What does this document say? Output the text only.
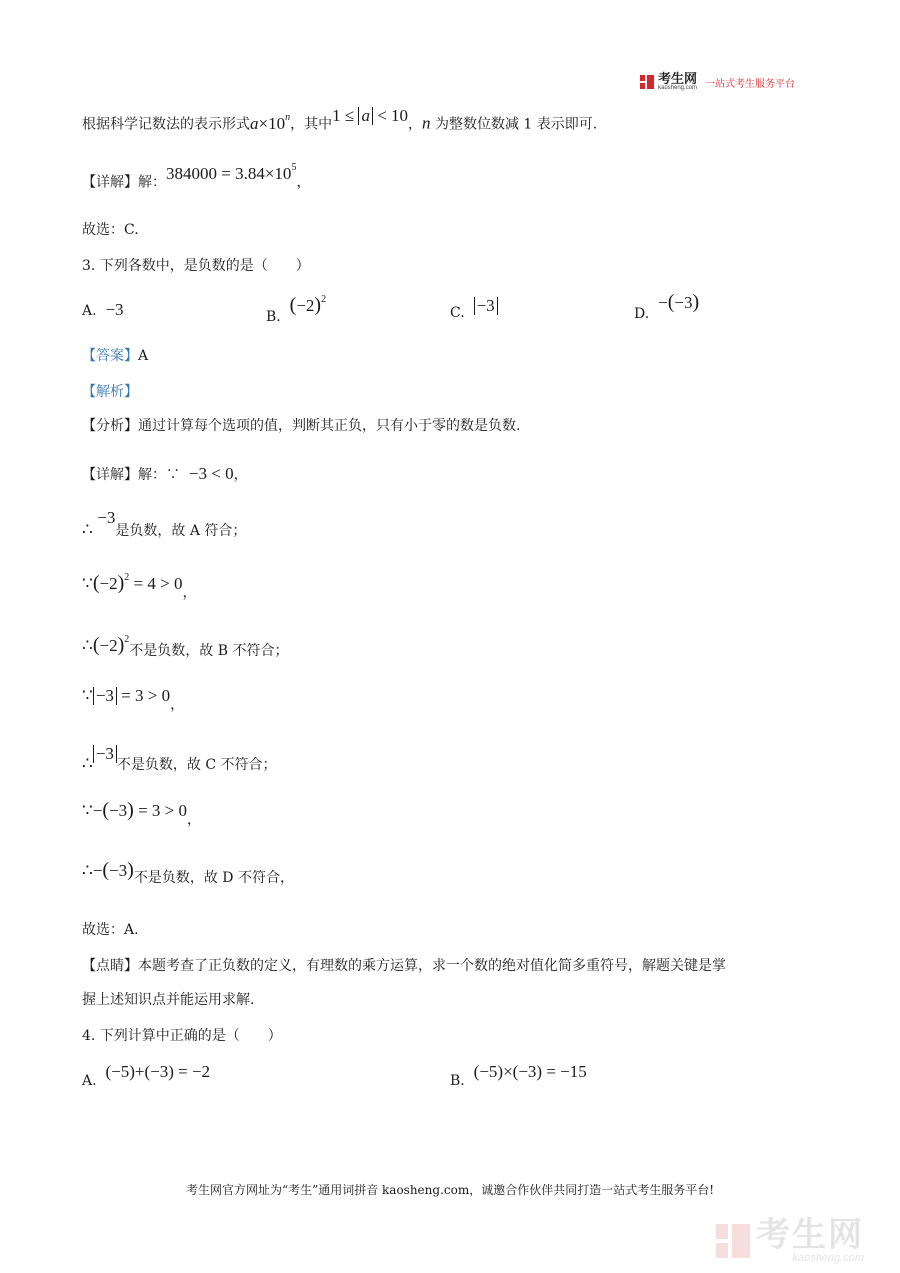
考生网
kaosheng.com 一站式考生服务平台
根据科学记数法的表示形式$a\times 10^n$，其中1 ≤ a < 10，n 为整数位数减 1 表示即可.
【详解】解：$384000 = 3.84\times 10^5$，
故选：C.
3. 下列各数中，是负数的是（　　）
A. −3	B.  $(-2)^2$
C. −3	D.  −(−3)
【答案】A
【解析】
【分析】通过计算每个选项的值，判断其正负，只有小于零的数是负数.
【详解】解：∵ −3 < 0，
∴ −3是负数，故 A 符合；
$\because(-2)^2 = 4 > 0$，
$\therefore(-2)^2$不是负数，故 B 不符合；
∵ −3 = 3 > 0，
∴−3不是负数，故 C 不符合；
∵−(−3) = 3 > 0，
∴−(−3)不是负数，故 D 不符合，
故选：A.
【点睛】本题考查了正负数的定义，有理数的乘方运算，求一个数的绝对值化简多重符号，解题关键是掌
握上述知识点并能运用求解.
4. 下列计算中正确的是（　　）
A. (−5)+(−3) = −2	B. (−5)×(−3) = −15
考生网官方网址为“考生”通用词拼音 kaosheng.com，诚邀合作伙伴共同打造一站式考生服务平台!
考生网
kaosheng.com
